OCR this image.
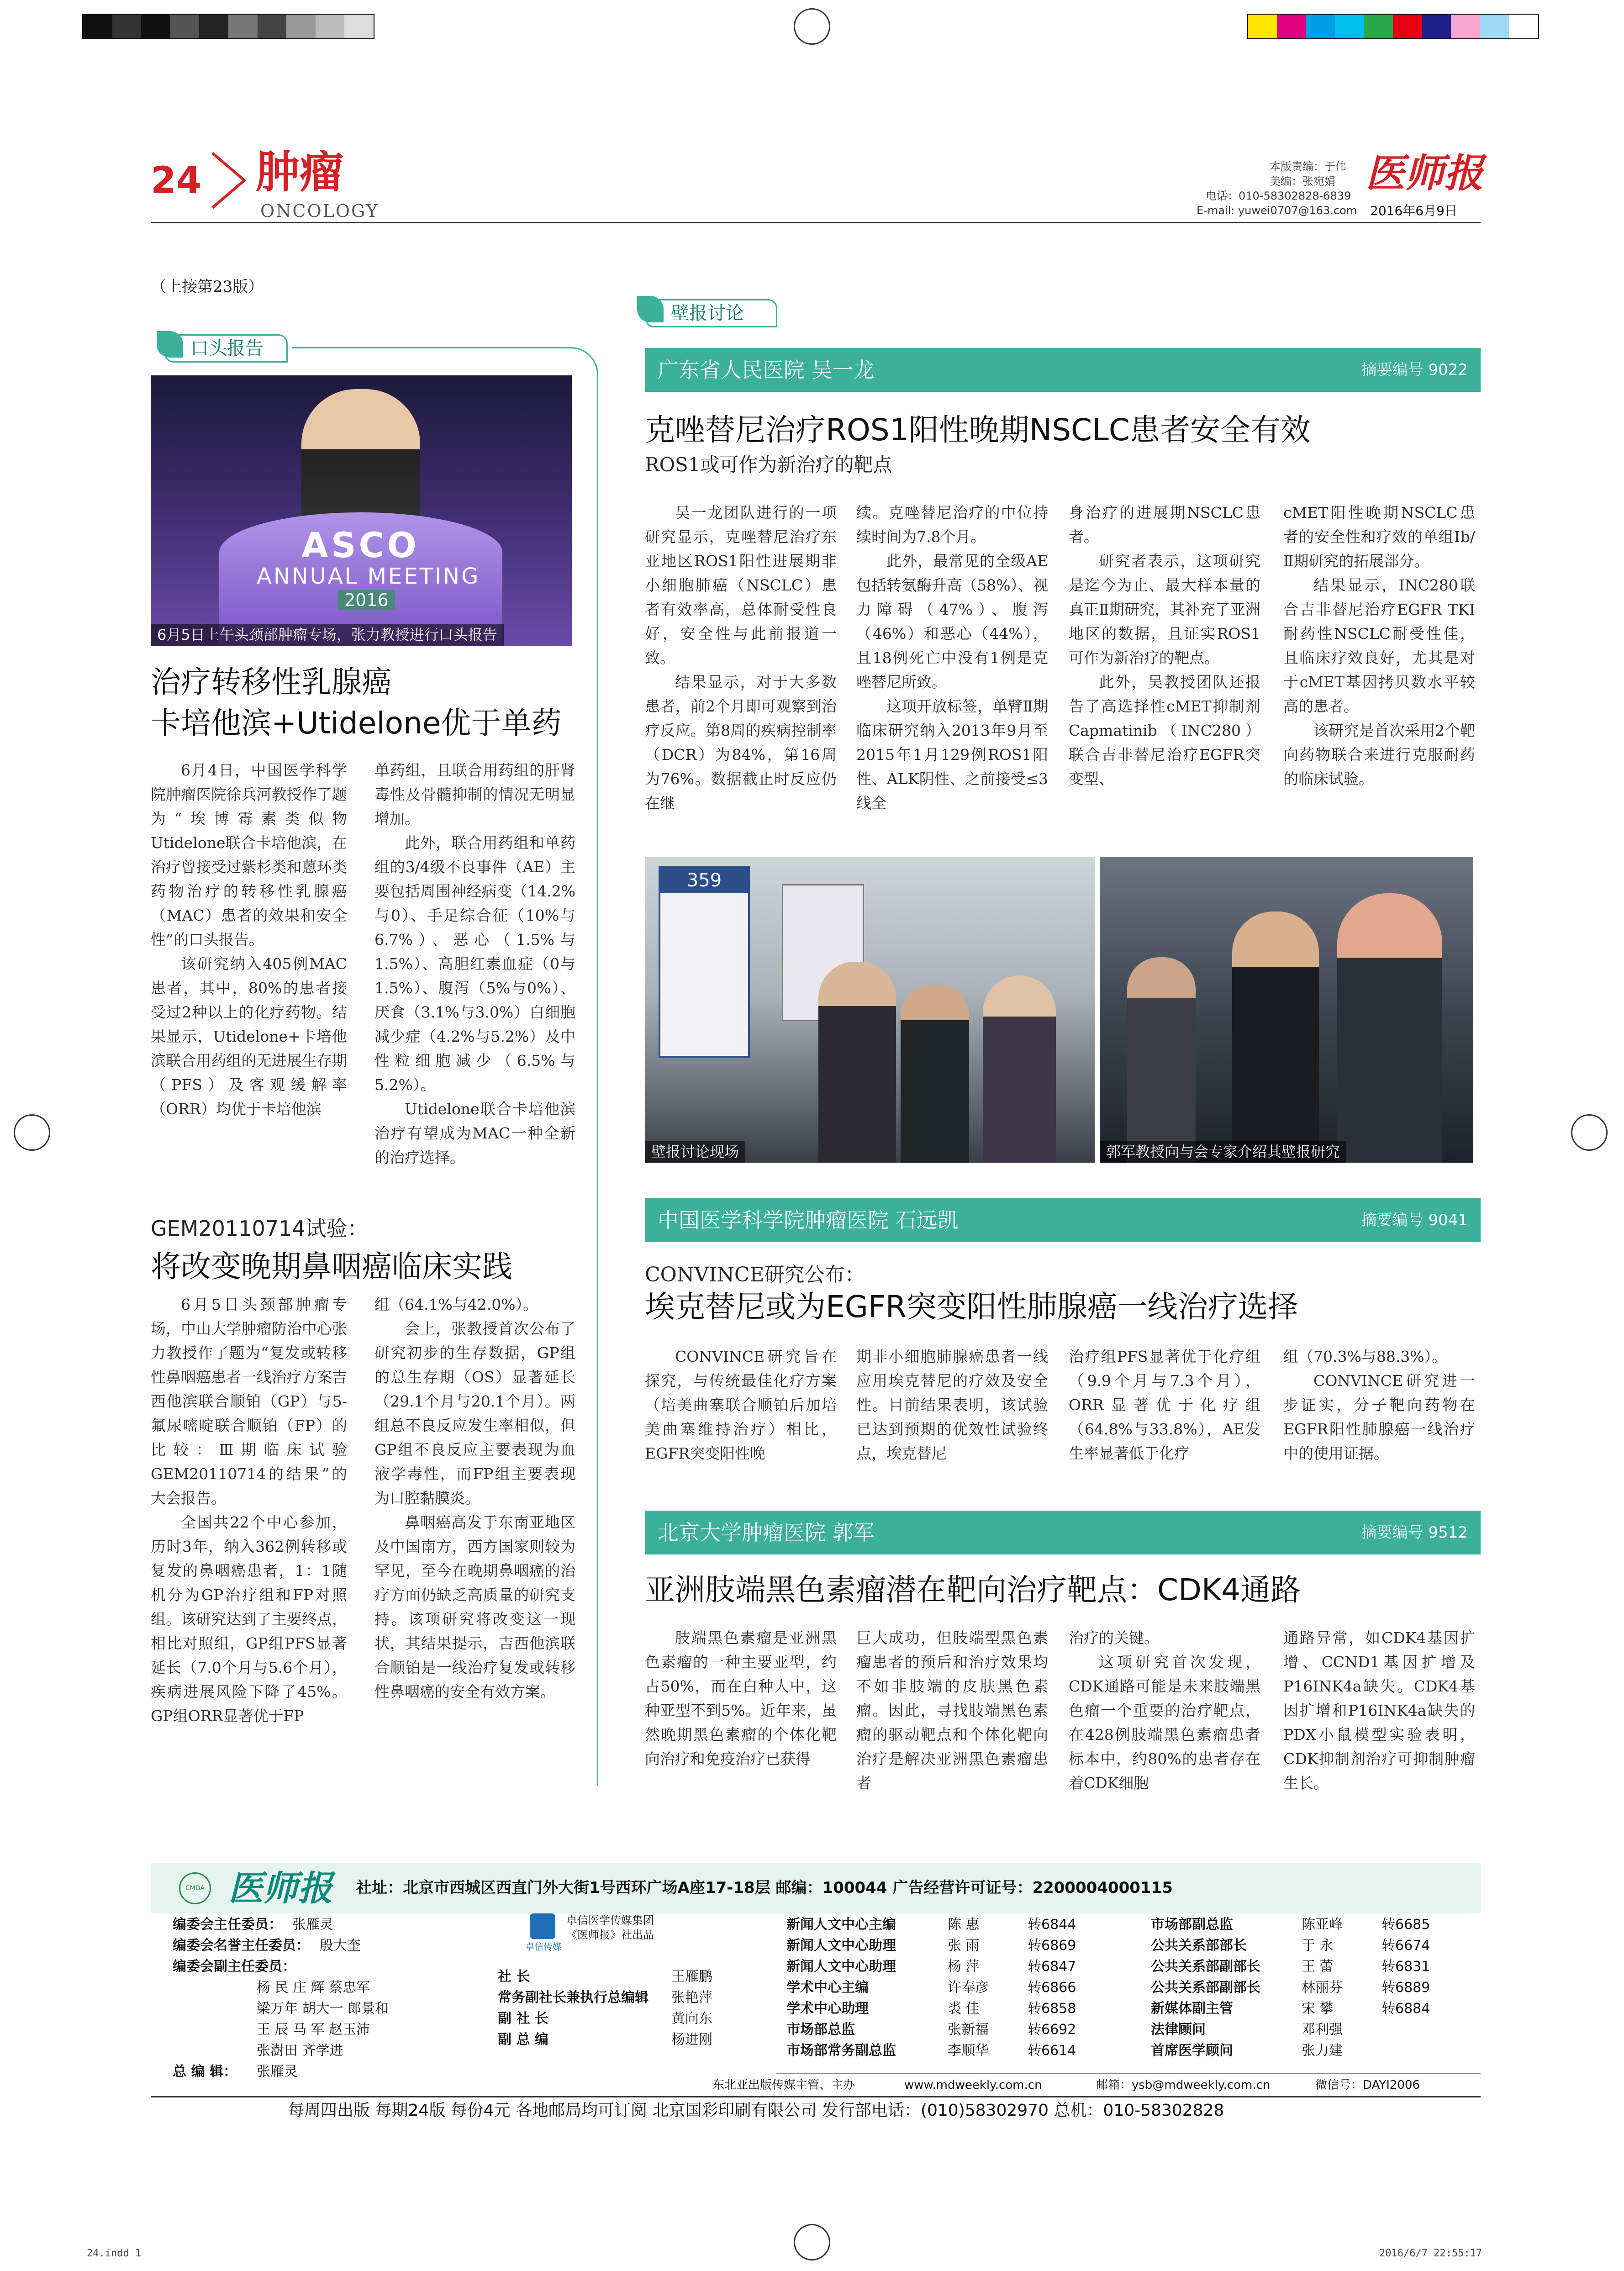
24 肿瘤
ONCOLOGY
本版责编：于伟
美编：张宛娟
电话：010-58302828-6839
E-mail: yuwei0707@163.com
医师报
2016年6月9日
（上接第23版）
口头报告
ASCO
ANNUAL MEETING
2016
6月5日上午头颈部肿瘤专场，张力教授进行口头报告
治疗转移性乳腺癌
卡培他滨+Utidelone优于单药

6月4日，中国医学科学院肿瘤医院徐兵河教授作了题为“埃博霉素类似物Utidelone联合卡培他滨，在治疗曾接受过紫杉类和蒽环类药物治疗的转移性乳腺癌（MAC）患者的效果和安全性”的口头报告。

该研究纳入405例MAC患者，其中，80%的患者接受过2种以上的化疗药物。结果显示，Utidelone+卡培他滨联合用药组的无进展生存期（PFS）及客观缓解率（ORR）均优于卡培他滨

单药组，且联合用药组的肝肾毒性及骨髓抑制的情况无明显增加。

此外，联合用药组和单药组的3/4级不良事件（AE）主要包括周围神经病变（14.2%与0）、手足综合征（10%与6.7%）、恶心（1.5%与1.5%）、高胆红素血症（0与1.5%）、腹泻（5%与0%）、厌食（3.1%与3.0%）白细胞减少症（4.2%与5.2%）及中性粒细胞减少（6.5%与5.2%）。

Utidelone联合卡培他滨治疗有望成为MAC一种全新的治疗选择。

GEM20110714试验：
将改变晚期鼻咽癌临床实践

6月5日头颈部肿瘤专场，中山大学肿瘤防治中心张力教授作了题为“复发或转移性鼻咽癌患者一线治疗方案吉西他滨联合顺铂（GP）与5-氟尿嘧啶联合顺铂（FP）的比较：Ⅲ期临床试验GEM20110714的结果”的大会报告。

全国共22个中心参加，历时3年，纳入362例转移或复发的鼻咽癌患者，1：1随机分为GP治疗组和FP对照组。该研究达到了主要终点，相比对照组，GP组PFS显著延长（7.0个月与5.6个月），疾病进展风险下降了45%。GP组ORR显著优于FP

组（64.1%与42.0%）。

会上，张教授首次公布了研究初步的生存数据，GP组的总生存期（OS）显著延长（29.1个月与20.1个月）。两组总不良反应发生率相似，但GP组不良反应主要表现为血液学毒性，而FP组主要表现为口腔黏膜炎。

鼻咽癌高发于东南亚地区及中国南方，西方国家则较为罕见，至今在晚期鼻咽癌的治疗方面仍缺乏高质量的研究支持。该项研究将改变这一现状，其结果提示，吉西他滨联合顺铂是一线治疗复发或转移性鼻咽癌的安全有效方案。

壁报讨论
广东省人民医院 吴一龙	摘要编号 9022
克唑替尼治疗ROS1阳性晚期NSCLC患者安全有效
ROS1或可作为新治疗的靶点

吴一龙团队进行的一项研究显示，克唑替尼治疗东亚地区ROS1阳性进展期非小细胞肺癌（NSCLC）患者有效率高，总体耐受性良好，安全性与此前报道一致。

结果显示，对于大多数患者，前2个月即可观察到治疗反应。第8周的疾病控制率（DCR）为84%，第16周为76%。数据截止时反应仍在继

续。克唑替尼治疗的中位持续时间为7.8个月。

此外，最常见的全级AE包括转氨酶升高（58%）、视力障碍（47%）、腹泻（46%）和恶心（44%），且18例死亡中没有1例是克唑替尼所致。

这项开放标签，单臂Ⅱ期临床研究纳入2013年9月至2015年1月129例ROS1阳性、ALK阴性、之前接受≤3线全

身治疗的进展期NSCLC患者。

研究者表示，这项研究是迄今为止、最大样本量的真正Ⅱ期研究，其补充了亚洲地区的数据，且证实ROS1可作为新治疗的靶点。

此外，吴教授团队还报告了高选择性cMET抑制剂Capmatinib（INC280）联合吉非替尼治疗EGFR突变型、

cMET阳性晚期NSCLC患者的安全性和疗效的单组Ⅰb/Ⅱ期研究的拓展部分。

结果显示，INC280联合吉非替尼治疗EGFR TKI耐药性NSCLC耐受性佳，且临床疗效良好，尤其是对于cMET基因拷贝数水平较高的患者。

该研究是首次采用2个靶向药物联合来进行克服耐药的临床试验。

359
壁报讨论现场	郭军教授向与会专家介绍其壁报研究
中国医学科学院肿瘤医院 石远凯	摘要编号 9041
CONVINCE研究公布：
埃克替尼或为EGFR突变阳性肺腺癌一线治疗选择

CONVINCE研究旨在探究，与传统最佳化疗方案（培美曲塞联合顺铂后加培美曲塞维持治疗）相比，EGFR突变阳性晚

期非小细胞肺腺癌患者一线应用埃克替尼的疗效及安全性。目前结果表明，该试验已达到预期的优效性试验终点，埃克替尼

治疗组PFS显著优于化疗组（9.9个月与7.3个月），ORR显著优于化疗组（64.8%与33.8%），AE发生率显著低于化疗

组（70.3%与88.3%）。

CONVINCE研究进一步证实，分子靶向药物在EGFR阳性肺腺癌一线治疗中的使用证据。

北京大学肿瘤医院 郭军	摘要编号 9512
亚洲肢端黑色素瘤潜在靶向治疗靶点：CDK4通路

肢端黑色素瘤是亚洲黑色素瘤的一种主要亚型，约占50%，而在白种人中，这种亚型不到5%。近年来，虽然晚期黑色素瘤的个体化靶向治疗和免疫治疗已获得

巨大成功，但肢端型黑色素瘤患者的预后和治疗效果均不如非肢端的皮肤黑色素瘤。因此，寻找肢端黑色素瘤的驱动靶点和个体化靶向治疗是解决亚洲黑色素瘤患者

治疗的关键。

这项研究首次发现，CDK通路可能是未来肢端黑色瘤一个重要的治疗靶点，在428例肢端黑色素瘤患者标本中，约80%的患者存在着CDK细胞

通路异常，如CDK4基因扩增、CCND1基因扩增及P16INK4a缺失。CDK4基因扩增和P16INK4a缺失的PDX小鼠模型实验表明，CDK抑制剂治疗可抑制肿瘤生长。

CMDA 医师报 社址：北京市西城区西直门外大街1号西环广场A座17-18层 邮编：100044 广告经营许可证号：2200004000115
编委会主任委员： 张雁灵
编委会名誉主任委员： 殷大奎
编委会副主任委员：
杨 民 庄 辉 蔡忠军
梁万年 胡大一 郎景和
王 辰 马 军 赵玉沛
张澍田 齐学进
总 编 辑： 张雁灵
卓信传媒
卓信医学传媒集团
《医师报》社出品
社 长	王雁鹏
常务副社长兼执行总编辑 张艳萍
副 社 长	黄向东
副 总 编	杨进刚
新闻人文中心主编	陈 惠	转6844
新闻人文中心助理	张 雨	转6869
新闻人文中心助理	杨 萍	转6847
学术中心主编	许奉彦	转6866
学术中心助理	裘 佳	转6858
市场部总监	张新福	转6692
市场部常务副总监	李顺华	转6614
市场部副总监	陈亚峰	转6685
公共关系部部长	于 永	转6674
公共关系部副部长	王 蕾	转6831
公共关系部副部长	林丽芬	转6889
新媒体副主管	宋 攀	转6884
法律顾问	邓利强
首席医学顾问	张力建
东北亚出版传媒主管、主办	www.mdweekly.com.cn	邮箱：ysb@mdweekly.com.cn	微信号：DAYI2006
每周四出版 每期24版 每份4元 各地邮局均可订阅 北京国彩印刷有限公司 发行部电话：(010)58302970 总机：010-58302828
24.indd 1	2016/6/7 22:55:17
